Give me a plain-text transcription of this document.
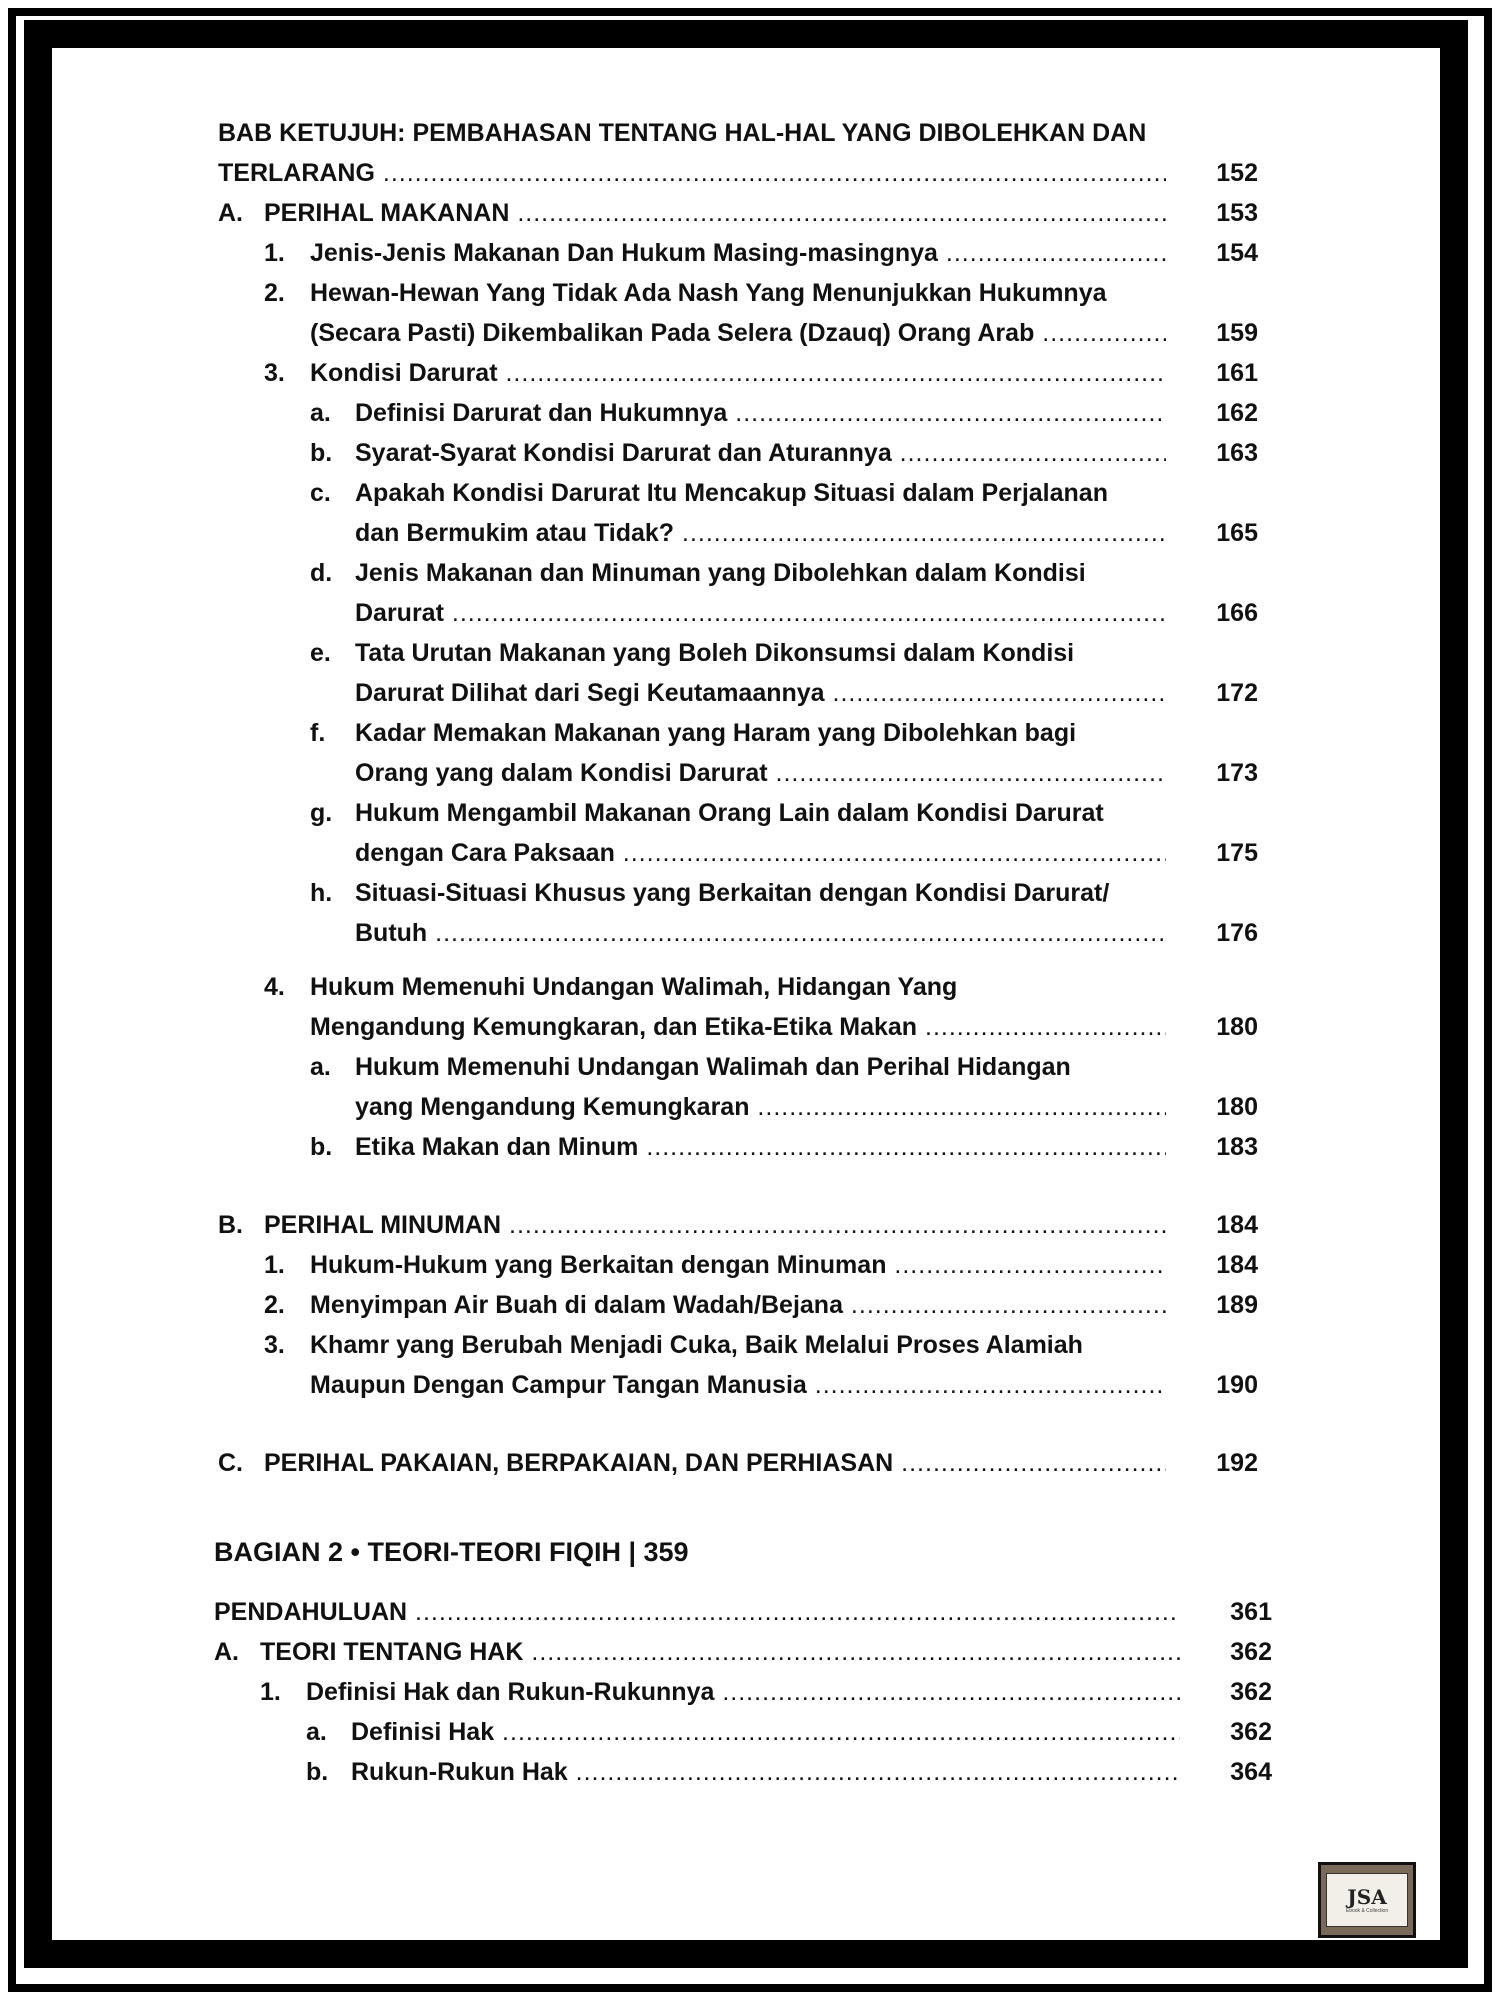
BAB KETUJUH: PEMBAHASAN TENTANG HAL-HAL YANG DIBOLEHKAN DAN
TERLARANG .....	152
A. PERIHAL MAKANAN .....	153
1. Jenis-Jenis Makanan Dan Hukum Masing-masingnya .....	154
2. Hewan-Hewan Yang Tidak Ada Nash Yang Menunjukkan Hukumnya
(Secara Pasti) Dikembalikan Pada Selera (Dzauq) Orang Arab .....	159
3. Kondisi Darurat .....	161
a. Definisi Darurat dan Hukumnya .....	162
b. Syarat-Syarat Kondisi Darurat dan Aturannya .....	163
c. Apakah Kondisi Darurat Itu Mencakup Situasi dalam Perjalanan
dan Bermukim atau Tidak? .....	165
d. Jenis Makanan dan Minuman yang Dibolehkan dalam Kondisi
Darurat .....	166
e. Tata Urutan Makanan yang Boleh Dikonsumsi dalam Kondisi
Darurat Dilihat dari Segi Keutamaannya .....	172
f. Kadar Memakan Makanan yang Haram yang Dibolehkan bagi
Orang yang dalam Kondisi Darurat .....	173
g. Hukum Mengambil Makanan Orang Lain dalam Kondisi Darurat
dengan Cara Paksaan .....	175
h. Situasi-Situasi Khusus yang Berkaitan dengan Kondisi Darurat/
Butuh .....	176
4. Hukum Memenuhi Undangan Walimah, Hidangan Yang
Mengandung Kemungkaran, dan Etika-Etika Makan .....	180
a. Hukum Memenuhi Undangan Walimah dan Perihal Hidangan
yang Mengandung Kemungkaran .....	180
b. Etika Makan dan Minum .....	183
B. PERIHAL MINUMAN .....	184
1. Hukum-Hukum yang Berkaitan dengan Minuman .....	184
2. Menyimpan Air Buah di dalam Wadah/Bejana .....	189
3. Khamr yang Berubah Menjadi Cuka, Baik Melalui Proses Alamiah
Maupun Dengan Campur Tangan Manusia .....	190
C. PERIHAL PAKAIAN, BERPAKAIAN, DAN PERHIASAN .....	192
BAGIAN 2 • TEORI-TEORI FIQIH | 359
PENDAHULUAN .....	361
A. TEORI TENTANG HAK .....	362
1. Definisi Hak dan Rukun-Rukunnya .....	362
a. Definisi Hak .....	362
b. Rukun-Rukun Hak .....	364
JSA
Ebook & Collection
